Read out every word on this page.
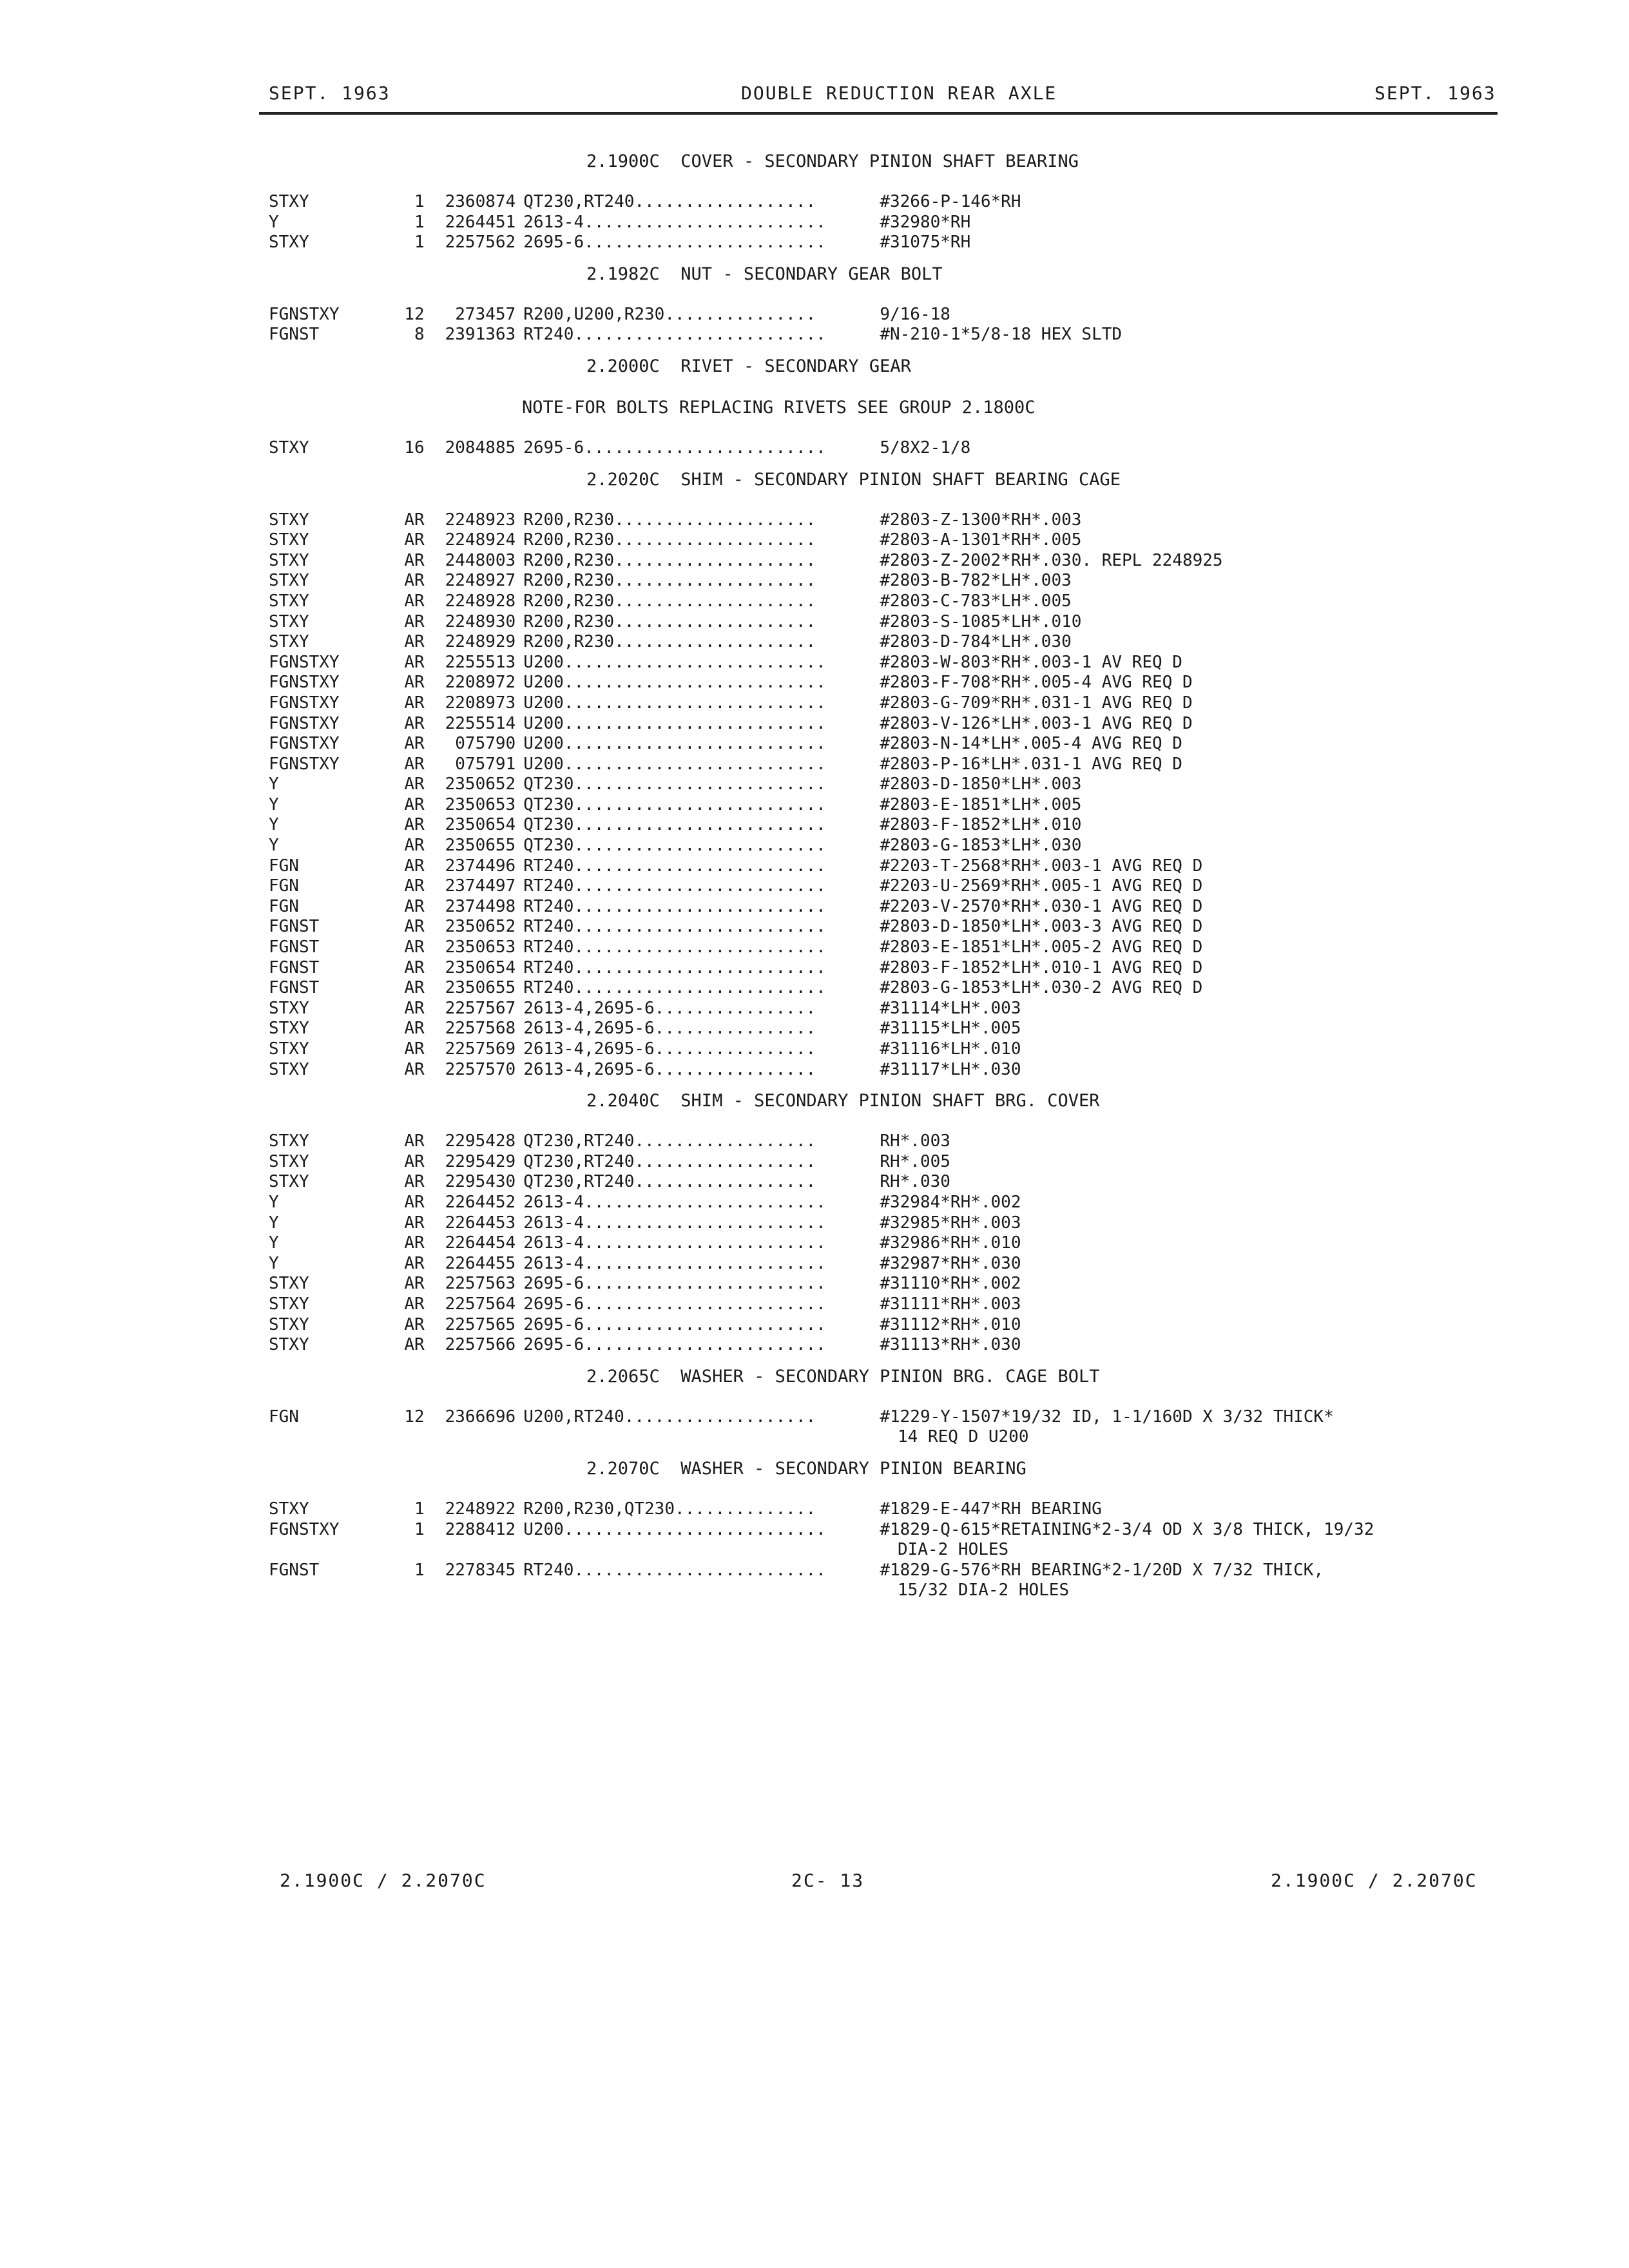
SEPT. 1963	DOUBLE REDUCTION REAR AXLE	SEPT. 1963
2.1900C  COVER - SECONDARY PINION SHAFT BEARING
STXY	1	2360874 QT230,RT240..................	#3266-P-146*RH
Y	1	2264451 2613-4........................	#32980*RH
STXY	1	2257562 2695-6........................	#31075*RH
2.1982C  NUT - SECONDARY GEAR BOLT
FGNSTXY	12	273457 R200,U200,R230...............	9/16-18
FGNST	8	2391363 RT240.........................	#N-210-1*5/8-18 HEX SLTD
2.2000C  RIVET - SECONDARY GEAR
NOTE-FOR BOLTS REPLACING RIVETS SEE GROUP 2.1800C
STXY	16	2084885 2695-6........................	5/8X2-1/8
2.2020C  SHIM - SECONDARY PINION SHAFT BEARING CAGE
STXY	AR	2248923 R200,R230....................	#2803-Z-1300*RH*.003
STXY	AR	2248924 R200,R230....................	#2803-A-1301*RH*.005
STXY	AR	2448003 R200,R230....................	#2803-Z-2002*RH*.030. REPL 2248925
STXY	AR	2248927 R200,R230....................	#2803-B-782*LH*.003
STXY	AR	2248928 R200,R230....................	#2803-C-783*LH*.005
STXY	AR	2248930 R200,R230....................	#2803-S-1085*LH*.010
STXY	AR	2248929 R200,R230....................	#2803-D-784*LH*.030
FGNSTXY	AR	2255513 U200..........................	#2803-W-803*RH*.003-1 AV REQ D
FGNSTXY	AR	2208972 U200..........................	#2803-F-708*RH*.005-4 AVG REQ D
FGNSTXY	AR	2208973 U200..........................	#2803-G-709*RH*.031-1 AVG REQ D
FGNSTXY	AR	2255514 U200..........................	#2803-V-126*LH*.003-1 AVG REQ D
FGNSTXY	AR	075790 U200..........................	#2803-N-14*LH*.005-4 AVG REQ D
FGNSTXY	AR	075791 U200..........................	#2803-P-16*LH*.031-1 AVG REQ D
Y	AR	2350652 QT230.........................	#2803-D-1850*LH*.003
Y	AR	2350653 QT230.........................	#2803-E-1851*LH*.005
Y	AR	2350654 QT230.........................	#2803-F-1852*LH*.010
Y	AR	2350655 QT230.........................	#2803-G-1853*LH*.030
FGN	AR	2374496 RT240.........................	#2203-T-2568*RH*.003-1 AVG REQ D
FGN	AR	2374497 RT240.........................	#2203-U-2569*RH*.005-1 AVG REQ D
FGN	AR	2374498 RT240.........................	#2203-V-2570*RH*.030-1 AVG REQ D
FGNST	AR	2350652 RT240.........................	#2803-D-1850*LH*.003-3 AVG REQ D
FGNST	AR	2350653 RT240.........................	#2803-E-1851*LH*.005-2 AVG REQ D
FGNST	AR	2350654 RT240.........................	#2803-F-1852*LH*.010-1 AVG REQ D
FGNST	AR	2350655 RT240.........................	#2803-G-1853*LH*.030-2 AVG REQ D
STXY	AR	2257567 2613-4,2695-6................	#31114*LH*.003
STXY	AR	2257568 2613-4,2695-6................	#31115*LH*.005
STXY	AR	2257569 2613-4,2695-6................	#31116*LH*.010
STXY	AR	2257570 2613-4,2695-6................	#31117*LH*.030
2.2040C  SHIM - SECONDARY PINION SHAFT BRG. COVER
STXY	AR	2295428 QT230,RT240..................	RH*.003
STXY	AR	2295429 QT230,RT240..................	RH*.005
STXY	AR	2295430 QT230,RT240..................	RH*.030
Y	AR	2264452 2613-4........................	#32984*RH*.002
Y	AR	2264453 2613-4........................	#32985*RH*.003
Y	AR	2264454 2613-4........................	#32986*RH*.010
Y	AR	2264455 2613-4........................	#32987*RH*.030
STXY	AR	2257563 2695-6........................	#31110*RH*.002
STXY	AR	2257564 2695-6........................	#31111*RH*.003
STXY	AR	2257565 2695-6........................	#31112*RH*.010
STXY	AR	2257566 2695-6........................	#31113*RH*.030
2.2065C  WASHER - SECONDARY PINION BRG. CAGE BOLT
FGN	12	2366696 U200,RT240...................	#1229-Y-1507*19/32 ID, 1-1/160D X 3/32 THICK*
14 REQ D U200
2.2070C  WASHER - SECONDARY PINION BEARING
STXY	1	2248922 R200,R230,QT230..............	#1829-E-447*RH BEARING
FGNSTXY	1	2288412 U200..........................	#1829-Q-615*RETAINING*2-3/4 OD X 3/8 THICK, 19/32
DIA-2 HOLES
FGNST	1	2278345 RT240.........................	#1829-G-576*RH BEARING*2-1/20D X 7/32 THICK,
15/32 DIA-2 HOLES
2.1900C / 2.2070C	2C- 13	2.1900C / 2.2070C
